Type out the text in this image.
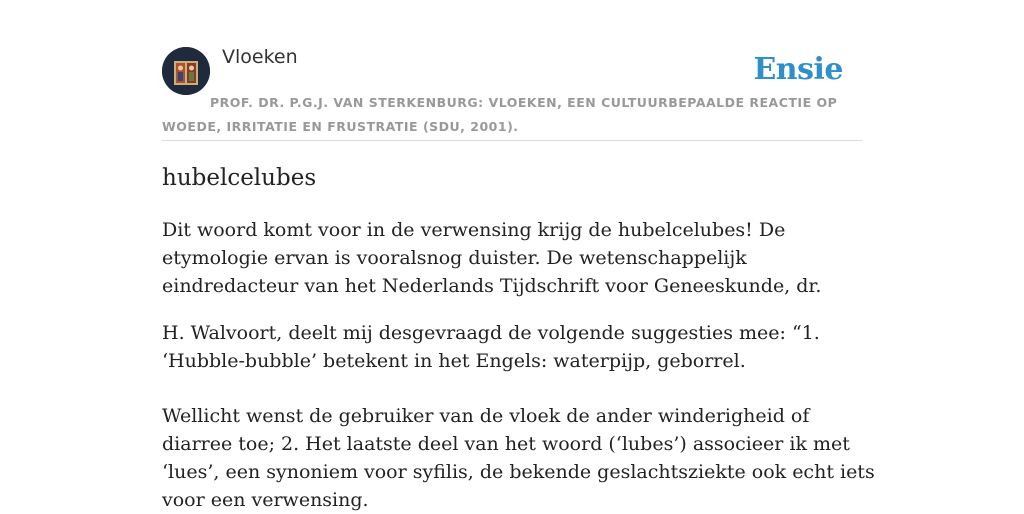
Vloeken	Ensie
PROF. DR. P.G.J. VAN STERKENBURG: VLOEKEN, EEN CULTUURBEPAALDE REACTIE OP WOEDE, IRRITATIE EN FRUSTRATIE (SDU, 2001).
hubelcelubes

Dit woord komt voor in de verwensing krijg de hubelcelubes! De etymologie ervan is vooralsnog duister. De wetenschappelijk eindredacteur van het Nederlands Tijdschrift voor Geneeskunde, dr.

H. Walvoort, deelt mij desgevraagd de volgende suggesties mee: “1. ‘Hubble-bubble’ betekent in het Engels: waterpijp, geborrel.

Wellicht wenst de gebruiker van de vloek de ander winderigheid of diarree toe; 2. Het laatste deel van het woord (‘lubes’) associeer ik met ‘lues’, een synoniem voor syfilis, de bekende geslachtsziekte ook echt iets voor een verwensing.
